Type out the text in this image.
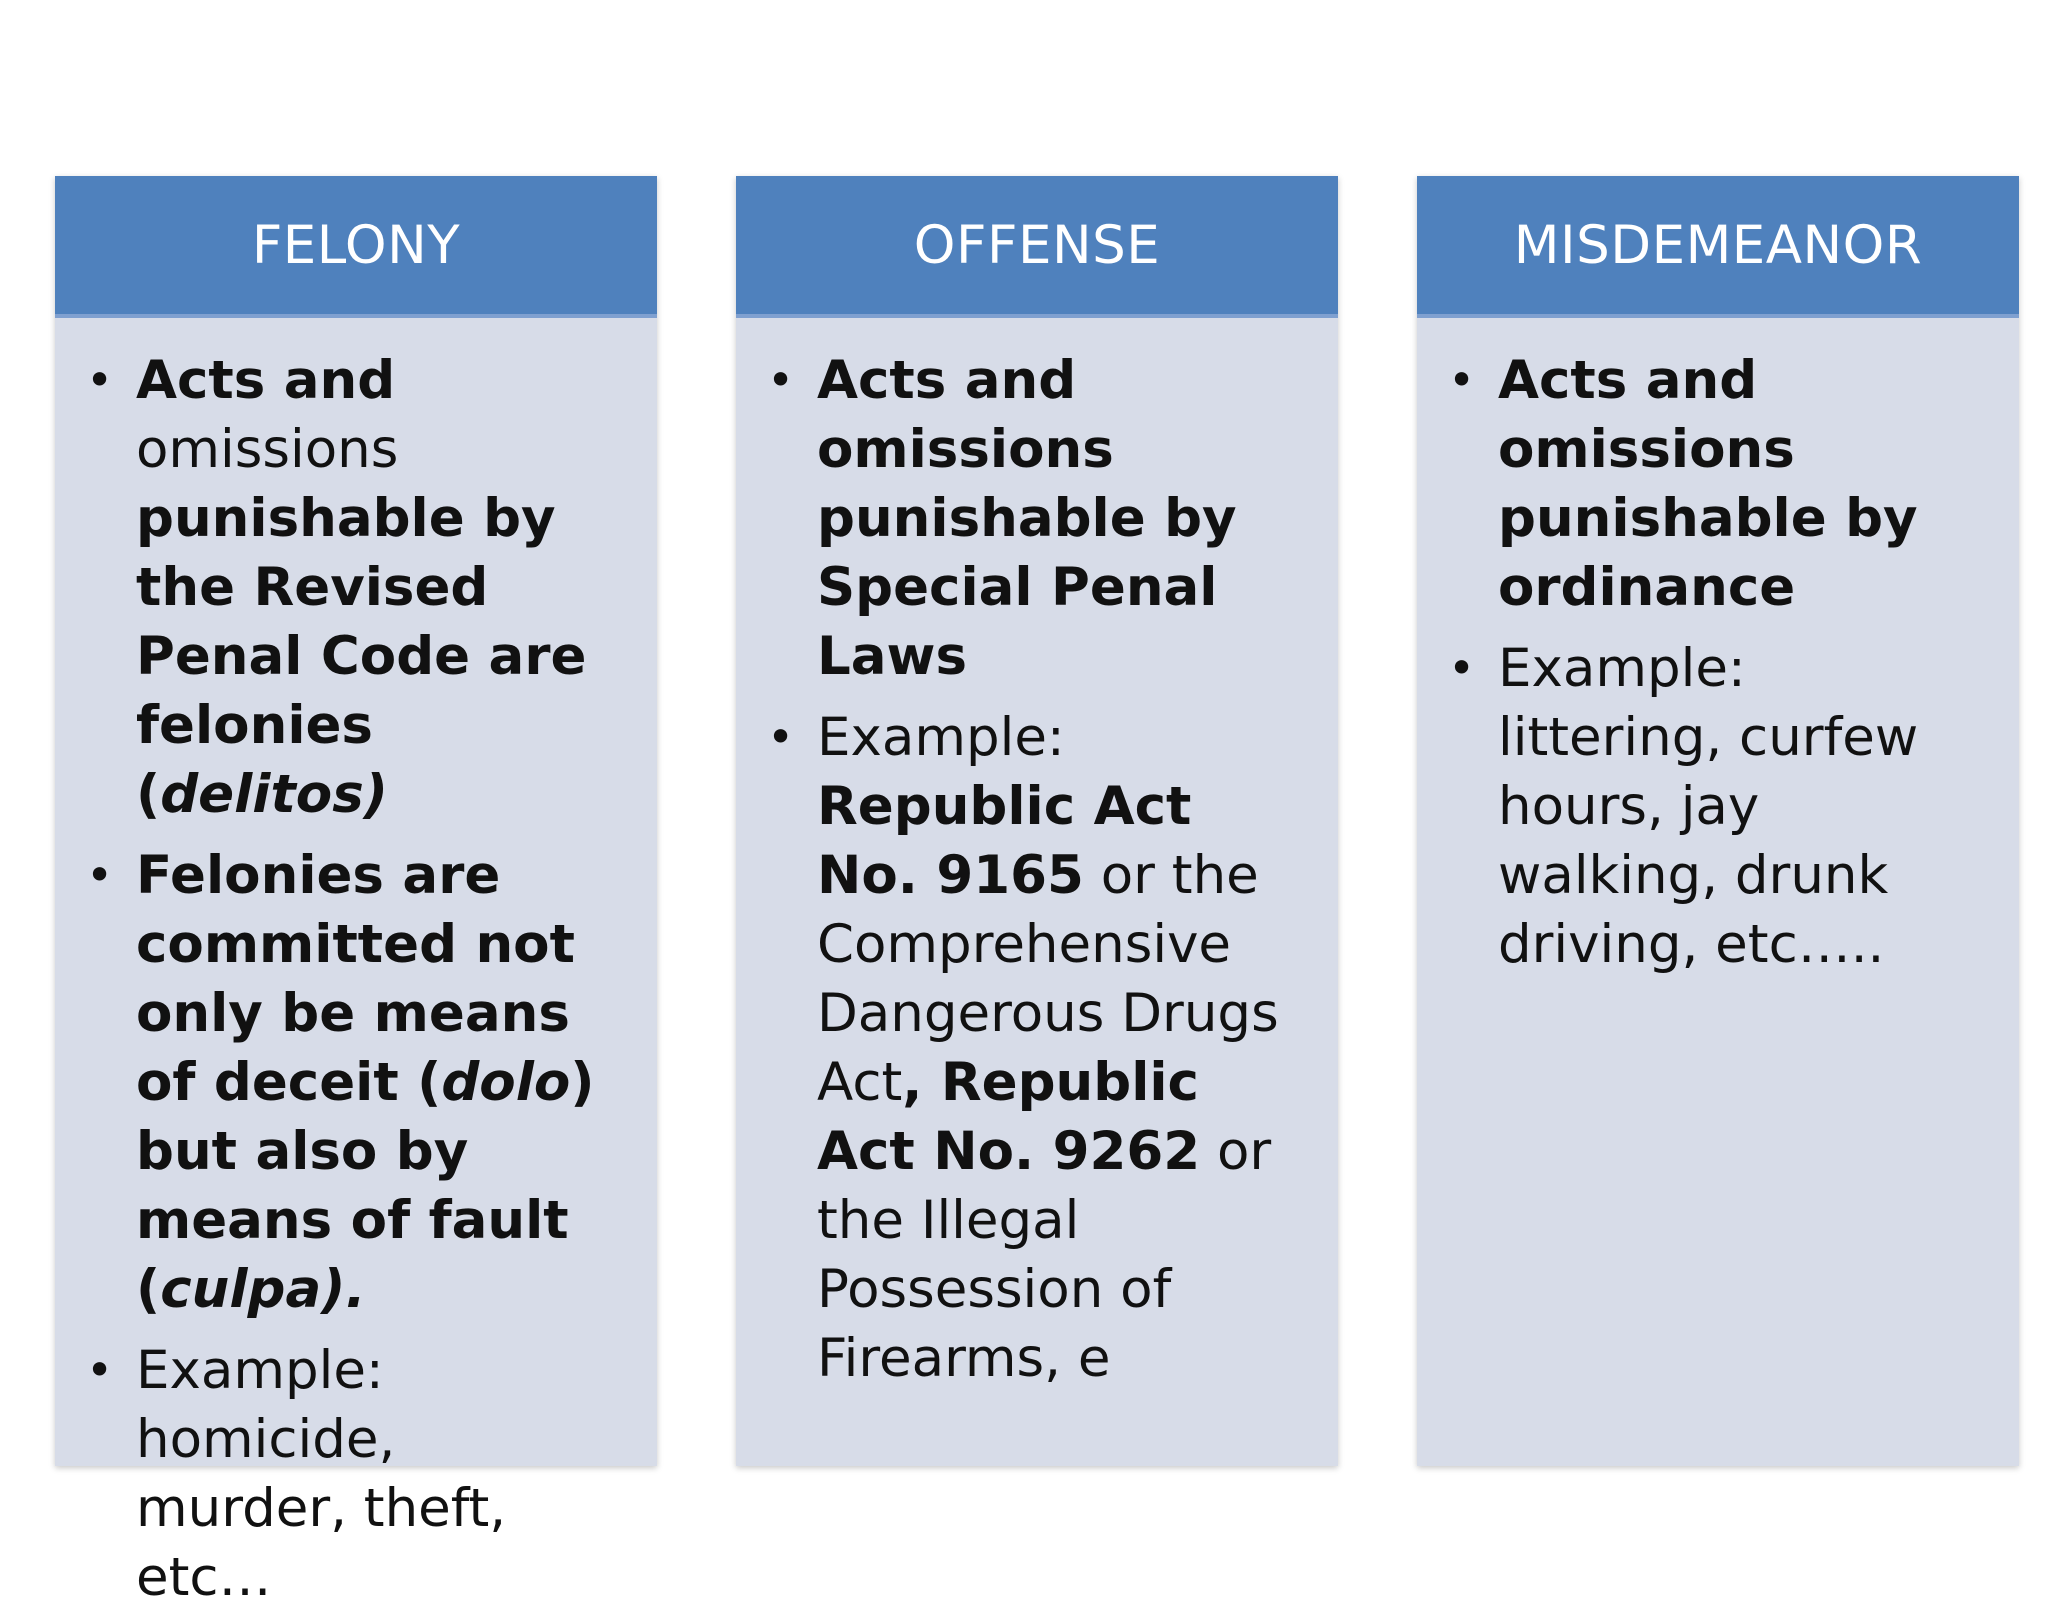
FELONY
• Acts and omissions punishable by the Revised Penal Code are felonies (delitos)
• Felonies are committed not only be means of deceit (dolo) but also by means of fault (culpa).
• Example: homicide, murder, theft, etc…
OFFENSE
• Acts and omissions punishable by Special Penal Laws
• Example: Republic Act No. 9165 or the Comprehensive Dangerous Drugs Act, Republic Act No. 9262 or the Illegal Possession of Firearms, e
MISDEMEANOR
• Acts and omissions punishable by ordinance
• Example: littering, curfew hours, jay walking, drunk driving, etc…..
